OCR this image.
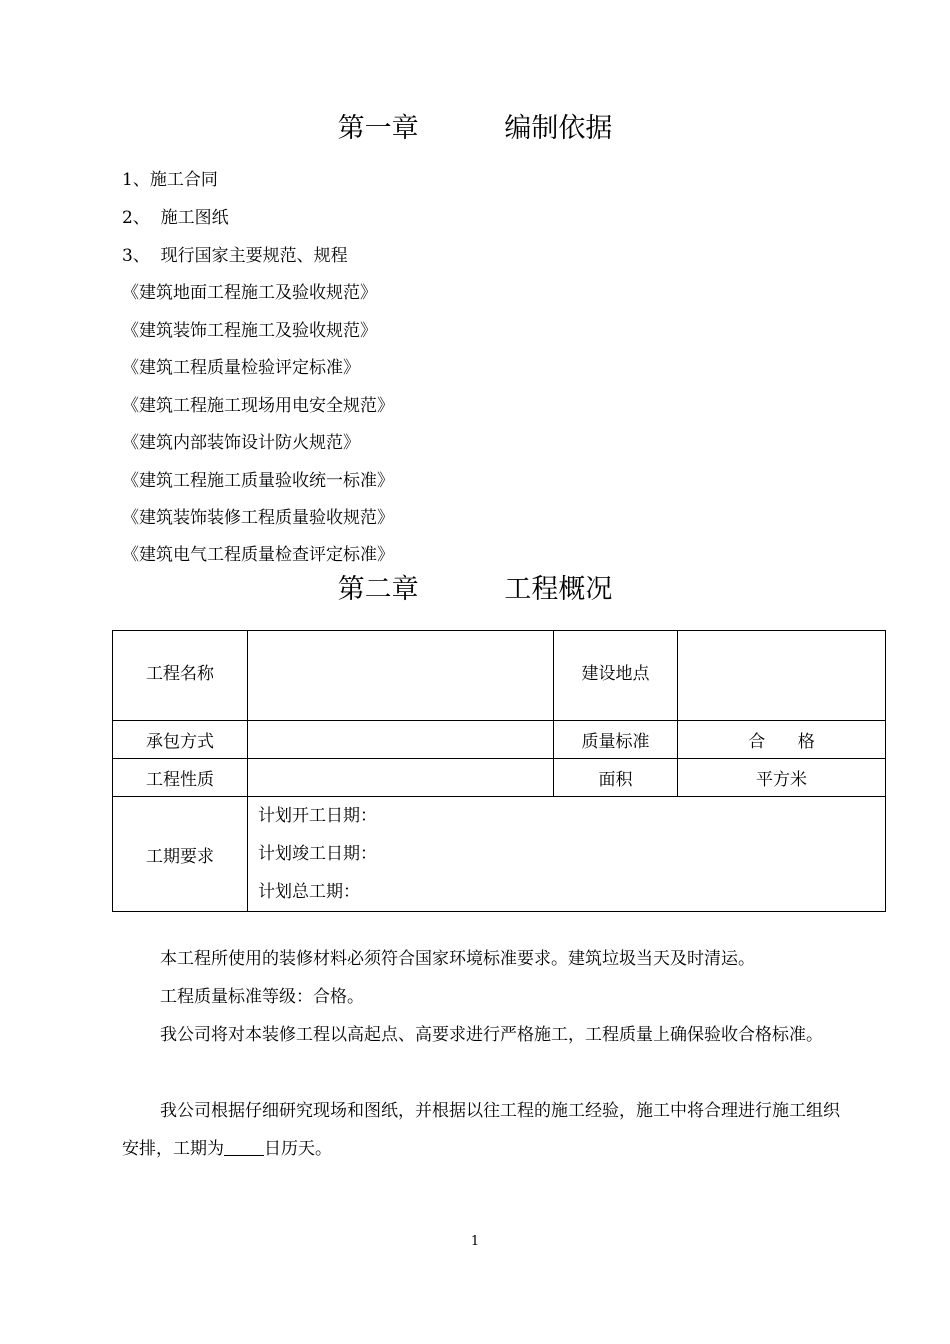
第一章          编制依据
1、施工合同
2、  施工图纸
3、  现行国家主要规范、规程
《建筑地面工程施工及验收规范》
《建筑装饰工程施工及验收规范》
《建筑工程质量检验评定标准》
《建筑工程施工现场用电安全规范》
《建筑内部装饰设计防火规范》
《建筑工程施工质量验收统一标准》
《建筑装饰装修工程质量验收规范》
《建筑电气工程质量检查评定标准》
第二章          工程概况
工程名称		建设地点	
承包方式		质量标准	合      格
工程性质		面积	平方米
工期要求	计划开工日期：
计划竣工日期：
计划总工期：		
本工程所使用的装修材料必须符合国家环境标准要求。建筑垃圾当天及时清运。
工程质量标准等级：合格。
我公司将对本装修工程以高起点、高要求进行严格施工，工程质量上确保验收合格标准。
我公司根据仔细研究现场和图纸，并根据以往工程的施工经验，施工中将合理进行施工组织安排，工期为 日历天。
1
